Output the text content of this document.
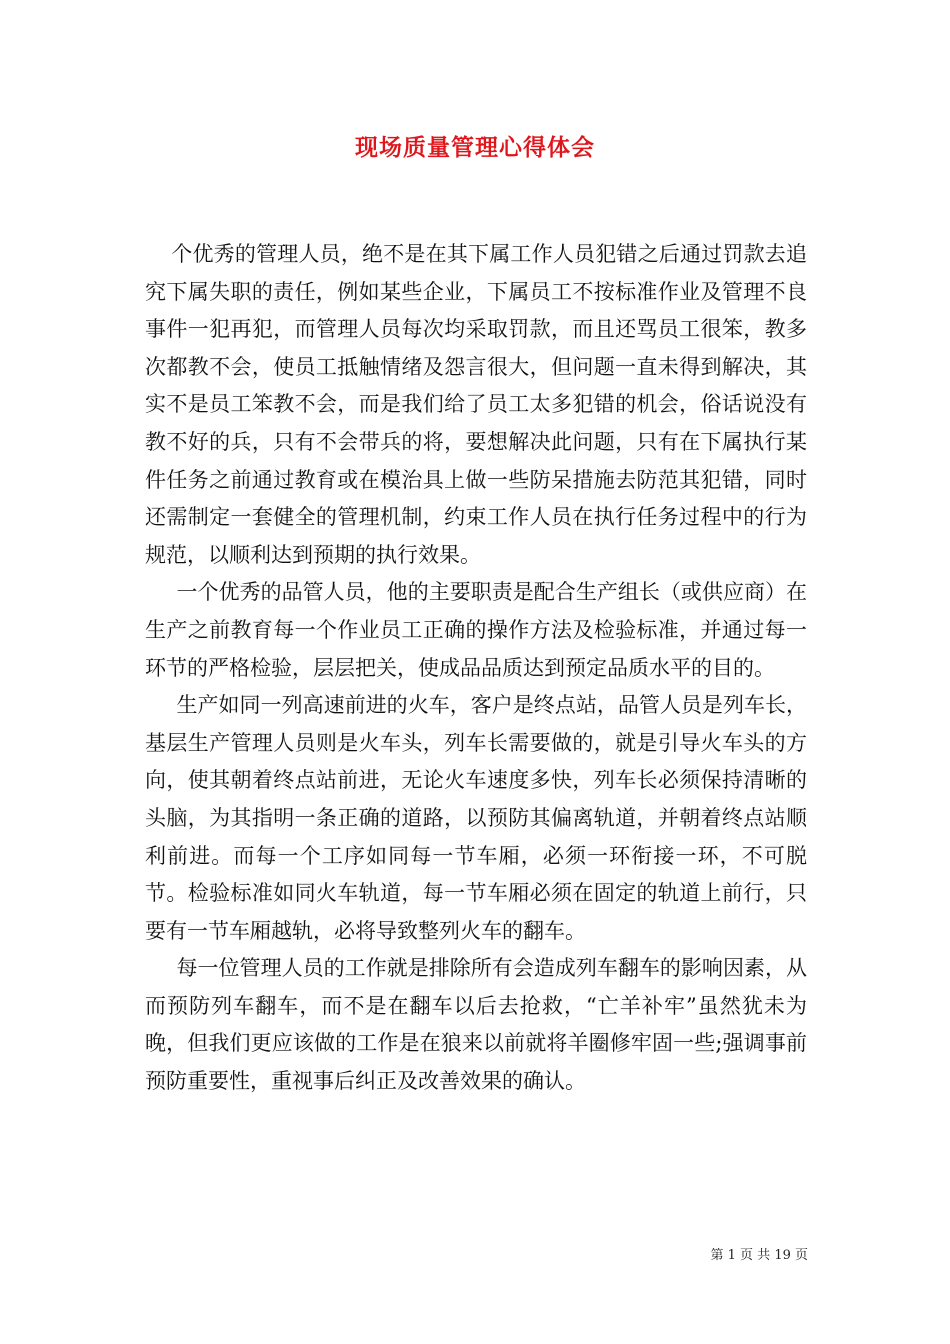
现场质量管理心得体会

个优秀的管理人员，绝不是在其下属工作人员犯错之后通过罚款去追究下属失职的责任，例如某些企业，下属员工不按标准作业及管理不良事件一犯再犯，而管理人员每次均采取罚款，而且还骂员工很笨，教多次都教不会，使员工抵触情绪及怨言很大，但问题一直未得到解决，其实不是员工笨教不会，而是我们给了员工太多犯错的机会，俗话说没有教不好的兵，只有不会带兵的将，要想解决此问题，只有在下属执行某件任务之前通过教育或在模治具上做一些防呆措施去防范其犯错，同时还需制定一套健全的管理机制，约束工作人员在执行任务过程中的行为规范，以顺利达到预期的执行效果。

一个优秀的品管人员，他的主要职责是配合生产组长（或供应商）在生产之前教育每一个作业员工正确的操作方法及检验标准，并通过每一环节的严格检验，层层把关，使成品品质达到预定品质水平的目的。

生产如同一列高速前进的火车，客户是终点站，品管人员是列车长，基层生产管理人员则是火车头，列车长需要做的，就是引导火车头的方向，使其朝着终点站前进，无论火车速度多快，列车长必须保持清晰的头脑，为其指明一条正确的道路，以预防其偏离轨道，并朝着终点站顺利前进。而每一个工序如同每一节车厢，必须一环衔接一环，不可脱节。检验标准如同火车轨道，每一节车厢必须在固定的轨道上前行，只要有一节车厢越轨，必将导致整列火车的翻车。

每一位管理人员的工作就是排除所有会造成列车翻车的影响因素，从而预防列车翻车，而不是在翻车以后去抢救，“亡羊补牢”虽然犹未为晚，但我们更应该做的工作是在狼来以前就将羊圈修牢固一些;强调事前预防重要性，重视事后纠正及改善效果的确认。

第 1 页 共 19 页
